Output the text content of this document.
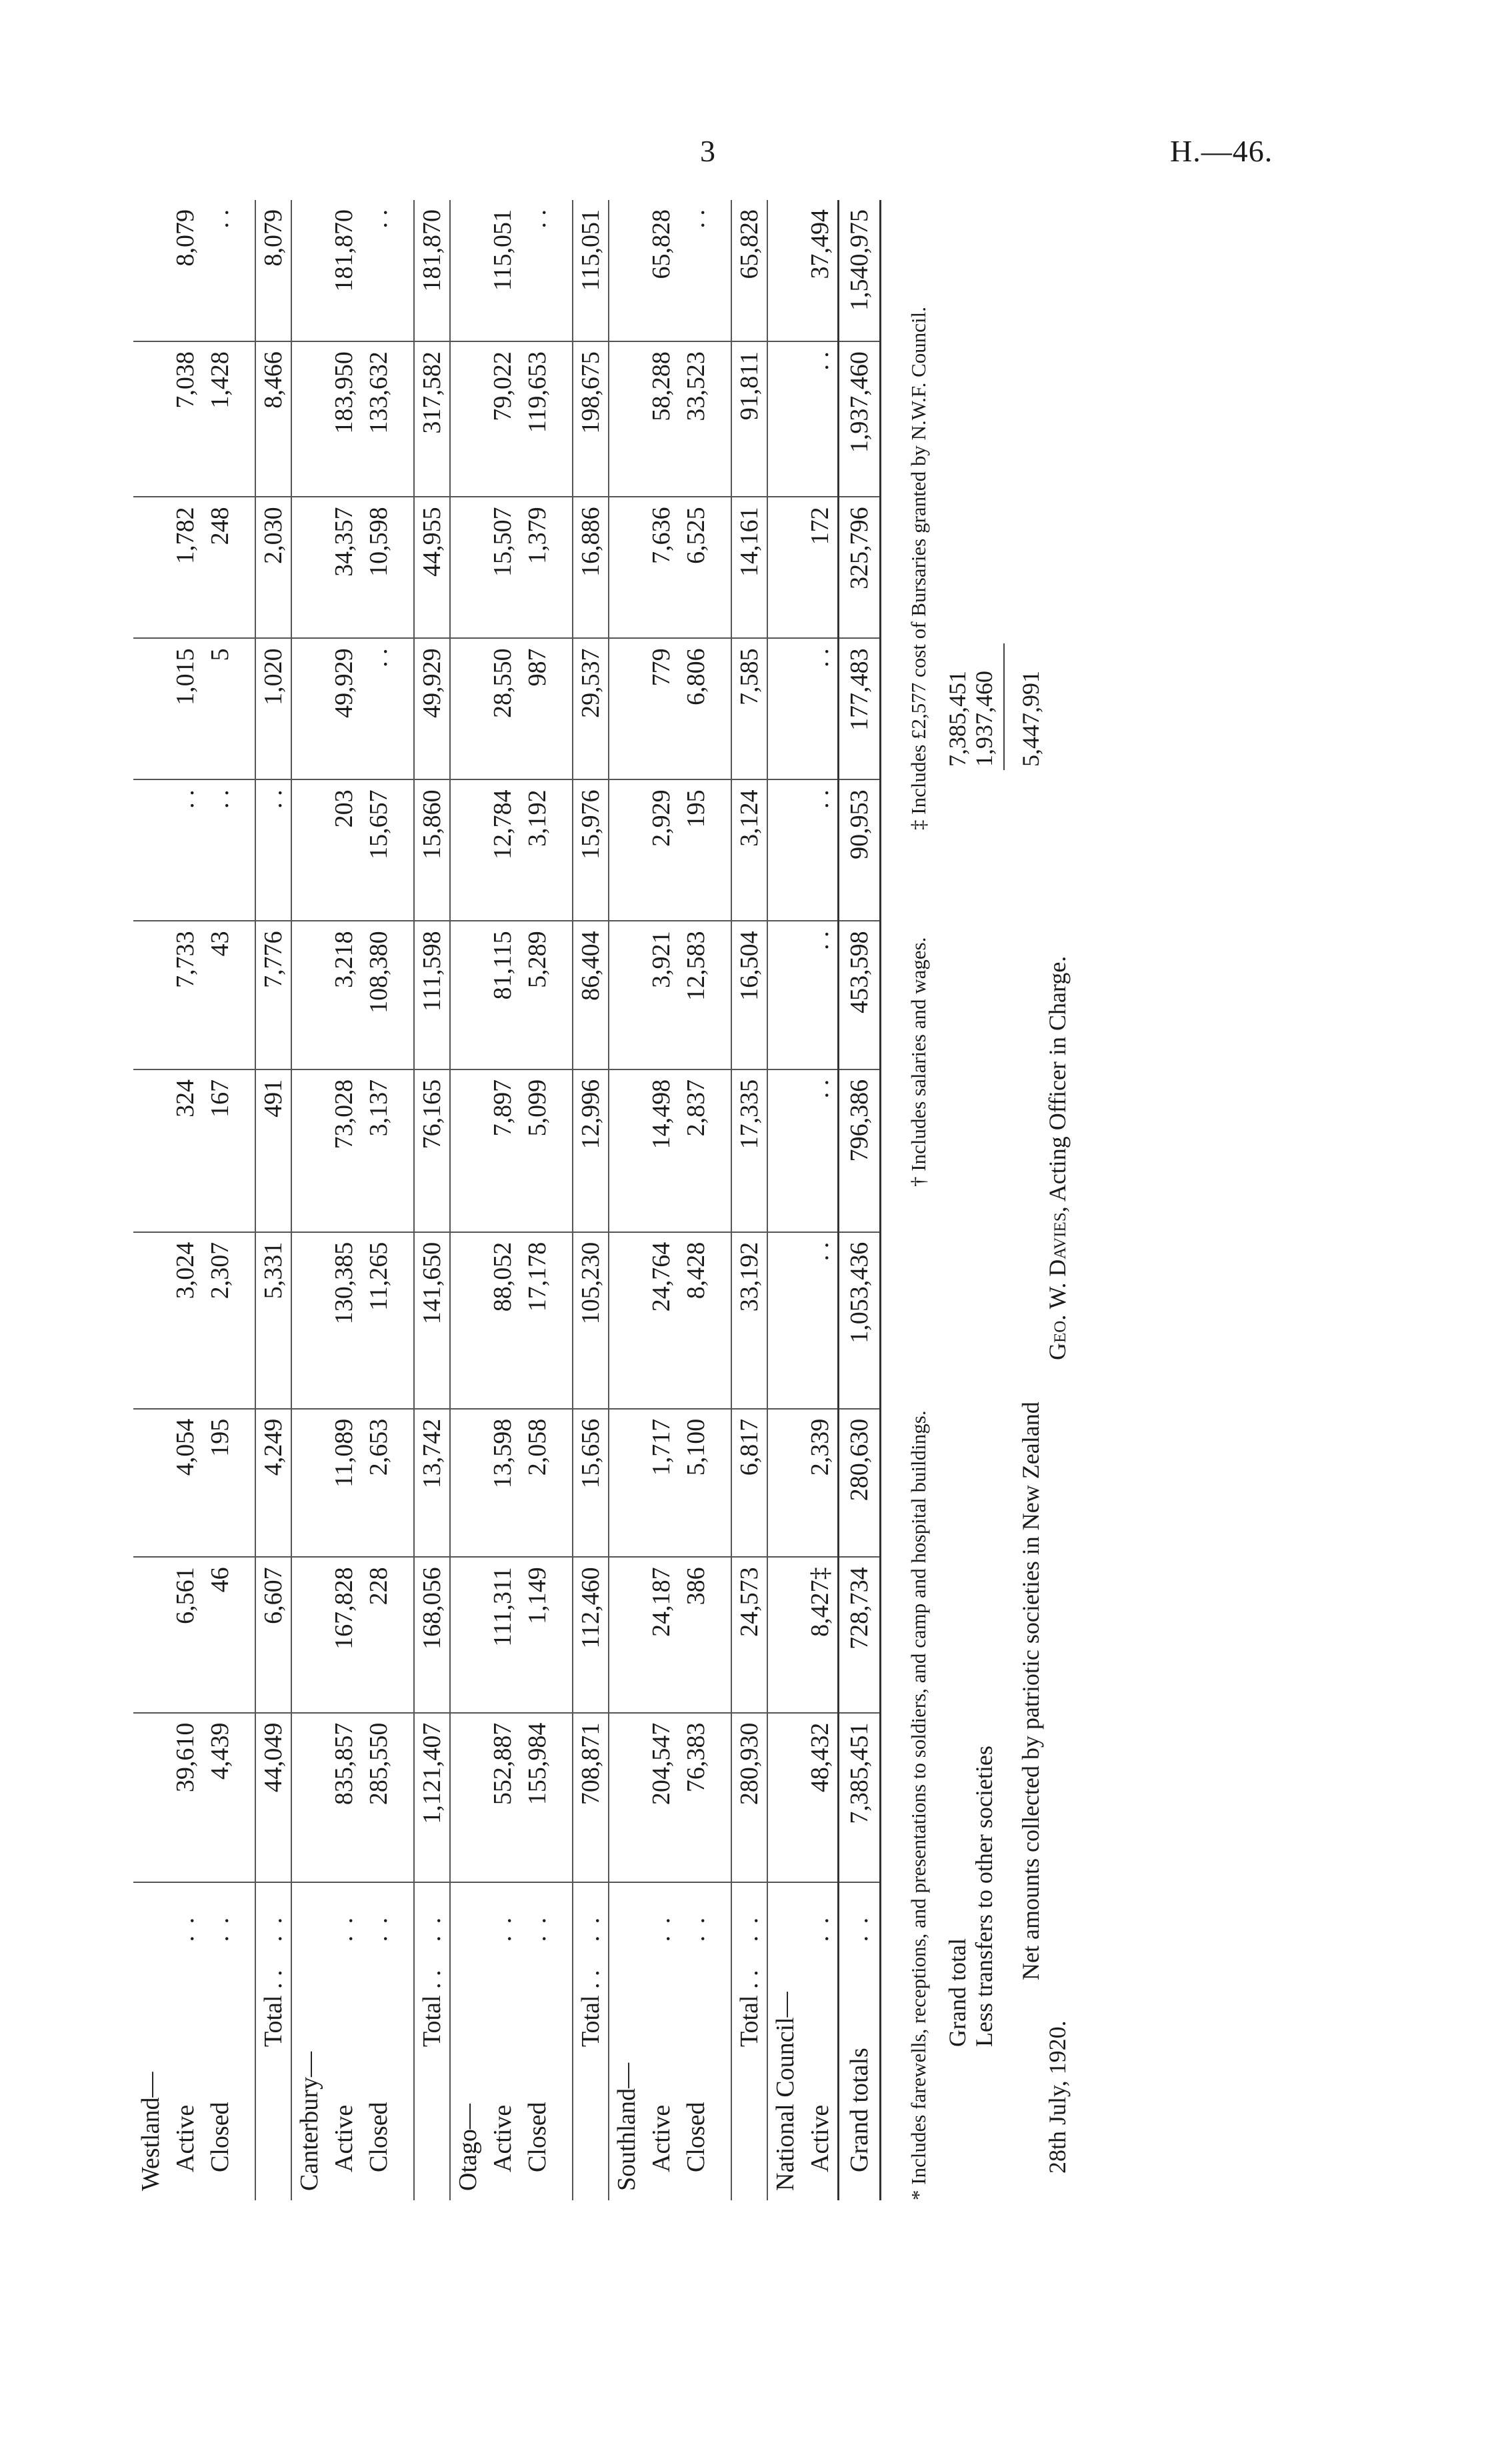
3	H.—46.
Westland—												
Active	. .	39,610	6,561	4,054	3,024	324	7,733	. .	1,015	1,782	7,038	8,079
Closed	. .	4,439	46	195	2,307	167	43	. .	5	248	1,428	. .

Total . .	. .	44,049	6,607	4,249	5,331	491	7,776	. .	1,020	2,030	8,466	8,079
Canterbury—												
Active	. .	835,857	167,828	11,089	130,385	73,028	3,218	203	49,929	34,357	183,950	181,870
Closed	. .	285,550	228	2,653	11,265	3,137	108,380	15,657	. .	10,598	133,632	. .

Total . .	. .	1,121,407	168,056	13,742	141,650	76,165	111,598	15,860	49,929	44,955	317,582	181,870
Otago—												
Active	. .	552,887	111,311	13,598	88,052	7,897	81,115	12,784	28,550	15,507	79,022	115,051
Closed	. .	155,984	1,149	2,058	17,178	5,099	5,289	3,192	987	1,379	119,653	. .

Total . .	. .	708,871	112,460	15,656	105,230	12,996	86,404	15,976	29,537	16,886	198,675	115,051
Southland—												
Active	. .	204,547	24,187	1,717	24,764	14,498	3,921	2,929	779	7,636	58,288	65,828
Closed	. .	76,383	386	5,100	8,428	2,837	12,583	195	6,806	6,525	33,523	. .

Total . .	. .	280,930	24,573	6,817	33,192	17,335	16,504	3,124	7,585	14,161	91,811	65,828
National Council—												
Active	. .	48,432	8,427‡	2,339	. .	. .	. .	. .	. .	172	. .	37,494
Grand totals	. .	7,385,451	728,734	280,630	1,053,436	796,386	453,598	90,953	177,483	325,796	1,937,460	1,540,975
* Includes farewells, receptions, and presentations to soldiers, and camp and hospital buildings.
† Includes salaries and wages.
‡ Includes £2,577 cost of Bursaries granted by N.W.F. Council.
Grand total
7,385,451
Less transfers to other societies
1,937,460
Net amounts collected by patriotic societies in New Zealand
5,447,991
28th July, 1920.
Geo. W. Davies, Acting Officer in Charge.
